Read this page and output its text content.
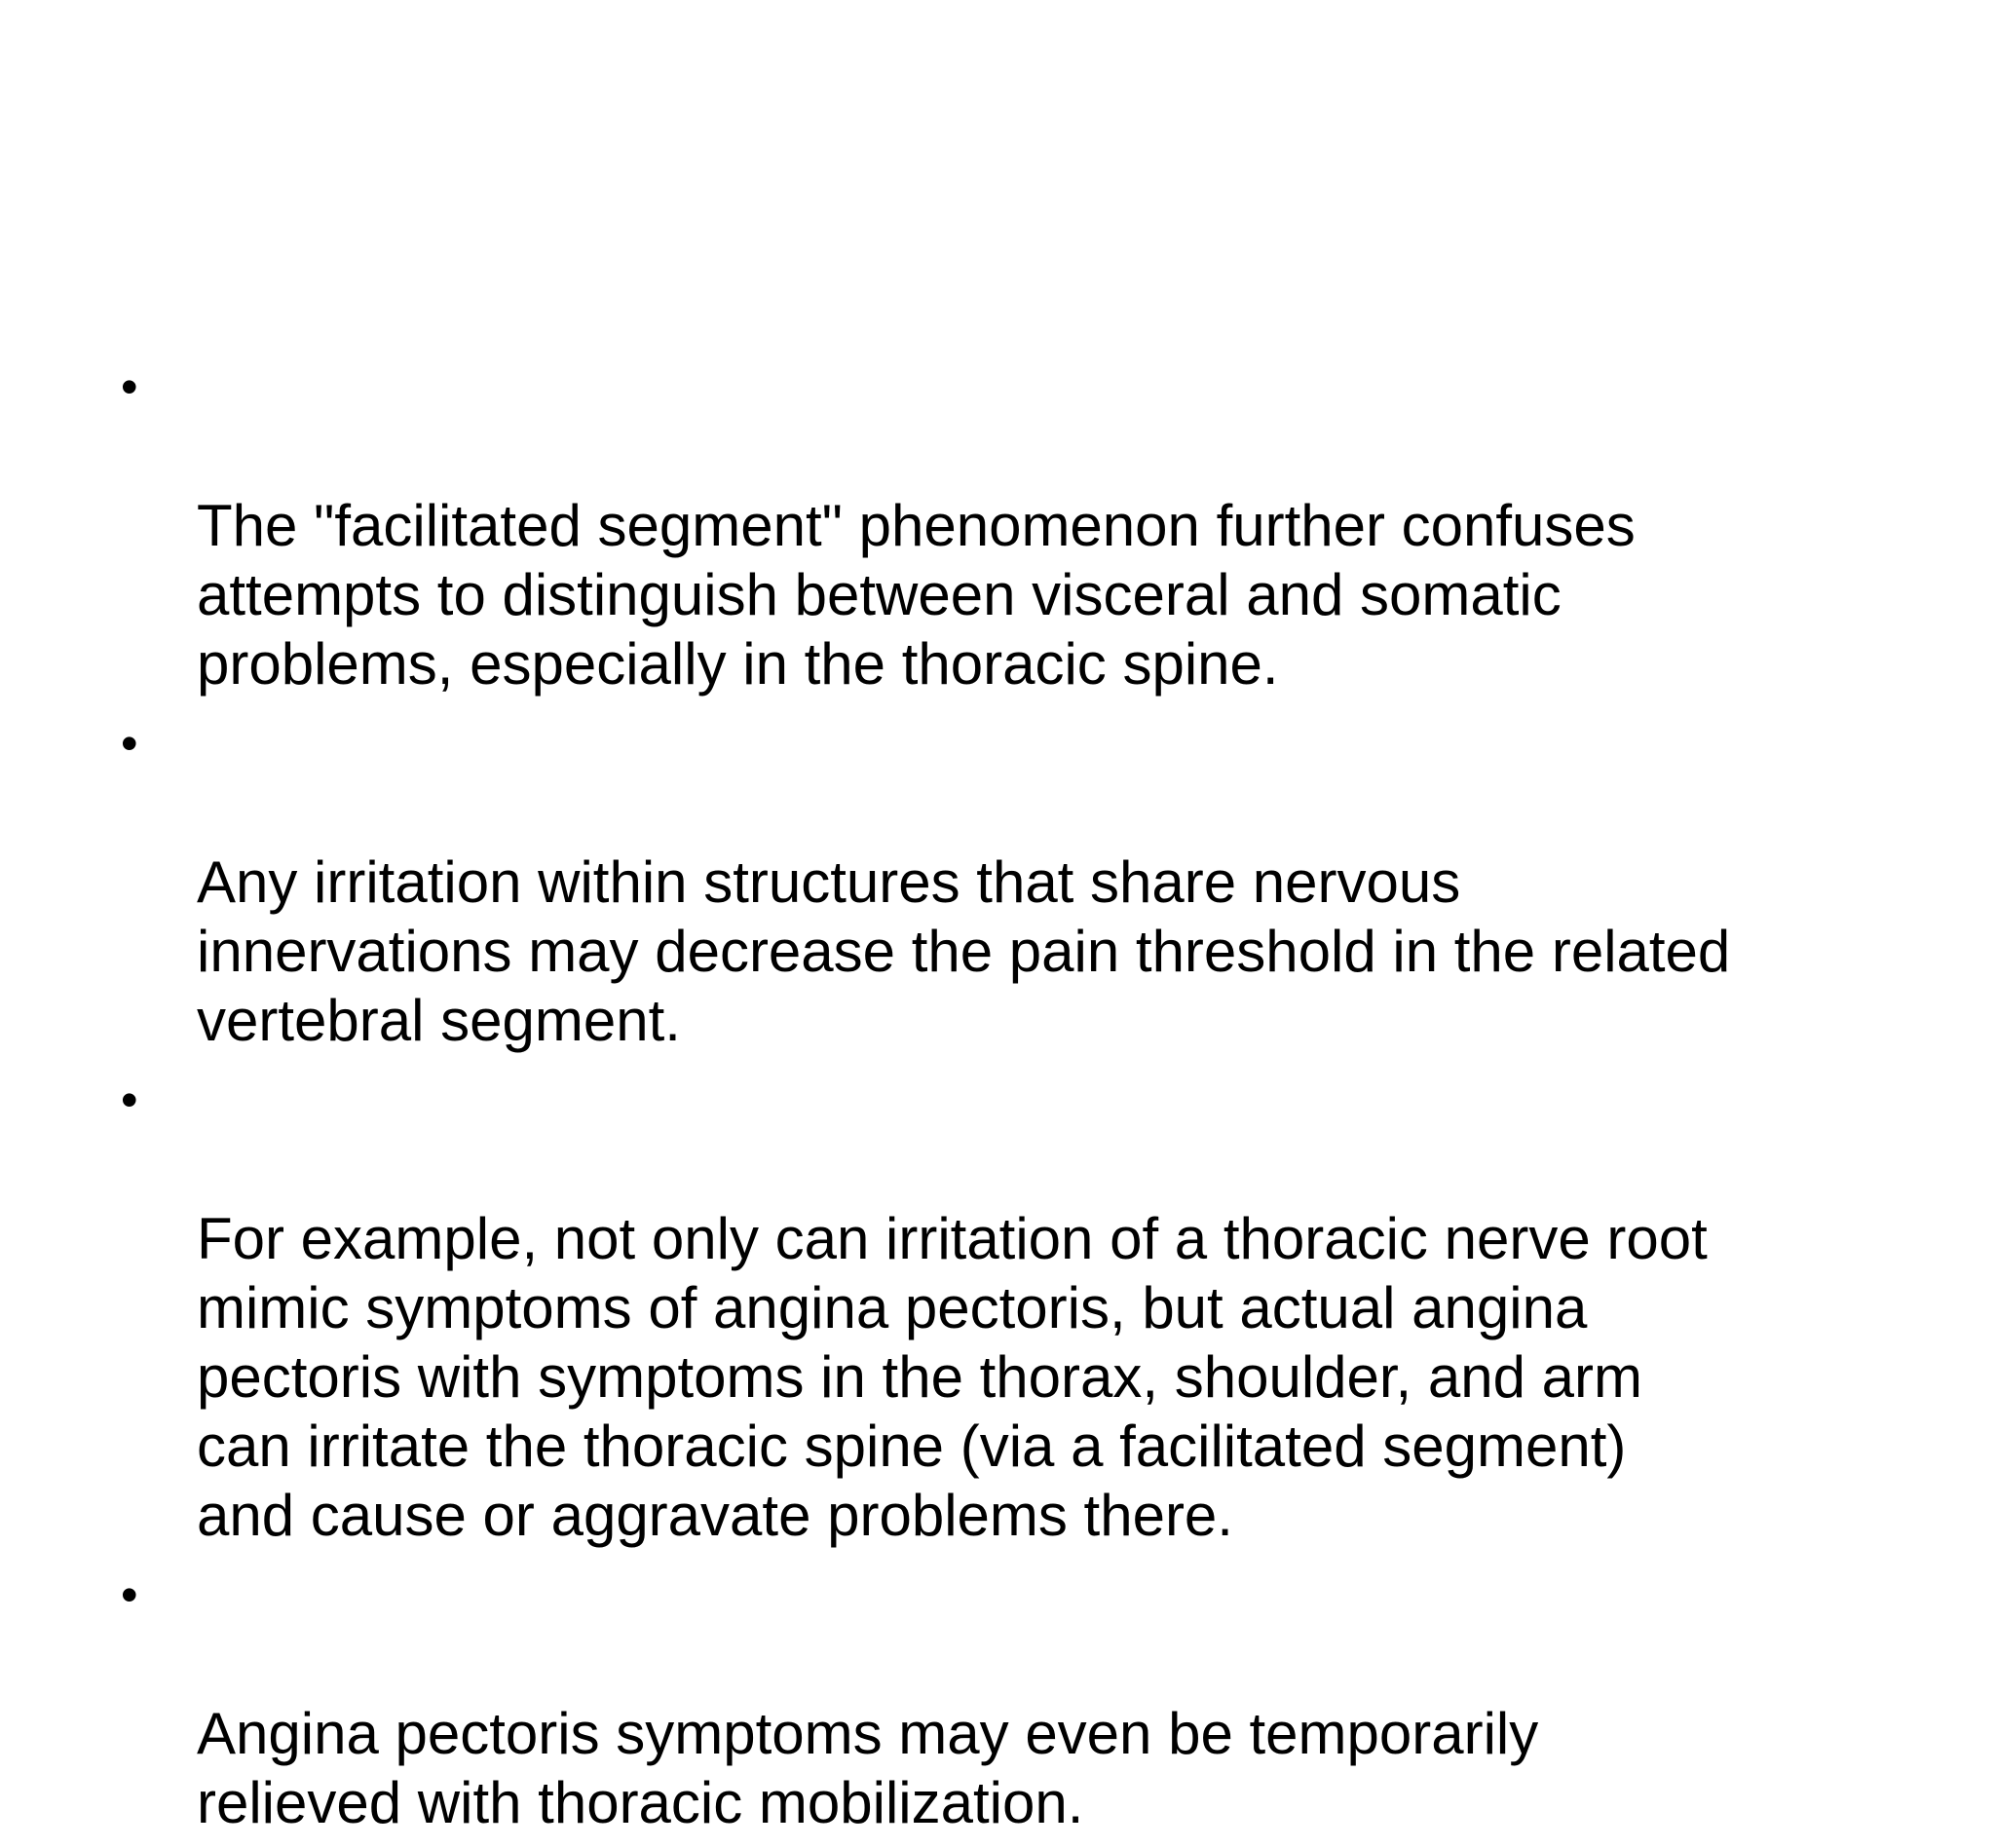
•

The "facilitated segment" phenomenon further confuses
attempts to distinguish between visceral and somatic
problems, especially in the thoracic spine.

•

Any irritation within structures that share nervous
innervations may decrease the pain threshold in the related
vertebral segment.

•

For example, not only can irritation of a thoracic nerve root
mimic symptoms of angina pectoris, but actual angina
pectoris with symptoms in the thorax, shoulder, and arm
can irritate the thoracic spine (via a facilitated segment)
and cause or aggravate problems there.

•

Angina pectoris symptoms may even be temporarily
relieved with thoracic mobilization.
